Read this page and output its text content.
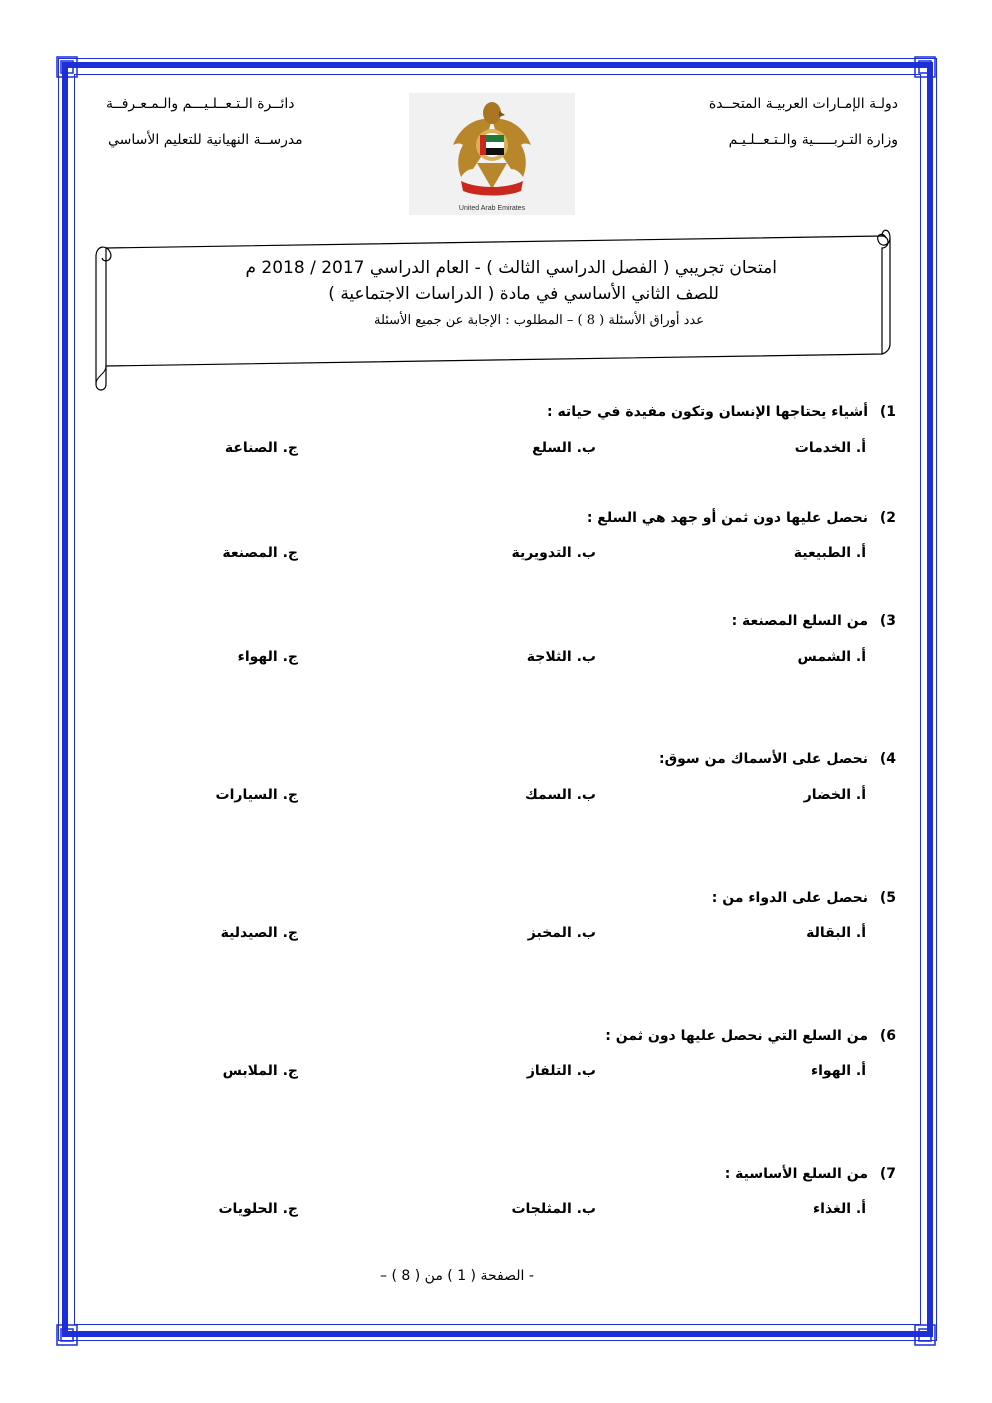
دولـة الإمـارات العربيـة المتحــدة
وزارة التـربـــــية والـتـعــلـيـم
دائــرة الـتـعــلـيـــم والـمـعـرفــة
مدرســة النهيانية للتعليم الأساسي
United Arab Emirates
امتحان تجريبي ( الفصل الدراسي الثالث ) - العام الدراسي 2017 / 2018 م
للصف الثاني الأساسي في مادة ( الدراسات الاجتماعية )
عدد أوراق الأسئلة ( 8 ) – المطلوب : الإجابة عن جميع الأسئلة
1)أشياء يحتاجها الإنسان وتكون مفيدة في حياته :
أ. الخدمات
ب. السلع
ج. الصناعة
2)نحصل عليها دون ثمن أو جهد هي السلع :
أ. الطبيعية
ب. التدويرية
ج. المصنعة
3)من السلع المصنعة :
أ. الشمس
ب. الثلاجة
ج. الهواء
4)نحصل على الأسماك من سوق:
أ. الخضار
ب. السمك
ج. السيارات
5)نحصل على الدواء من :
أ. البقالة
ب. المخبز
ج. الصيدلية
6)من السلع التي نحصل عليها دون ثمن :
أ. الهواء
ب. التلفاز
ج. الملابس
7)من السلع الأساسية :
أ. الغذاء
ب. المثلجات
ج. الحلويات
- الصفحة ( 1 ) من ( 8 ) –
